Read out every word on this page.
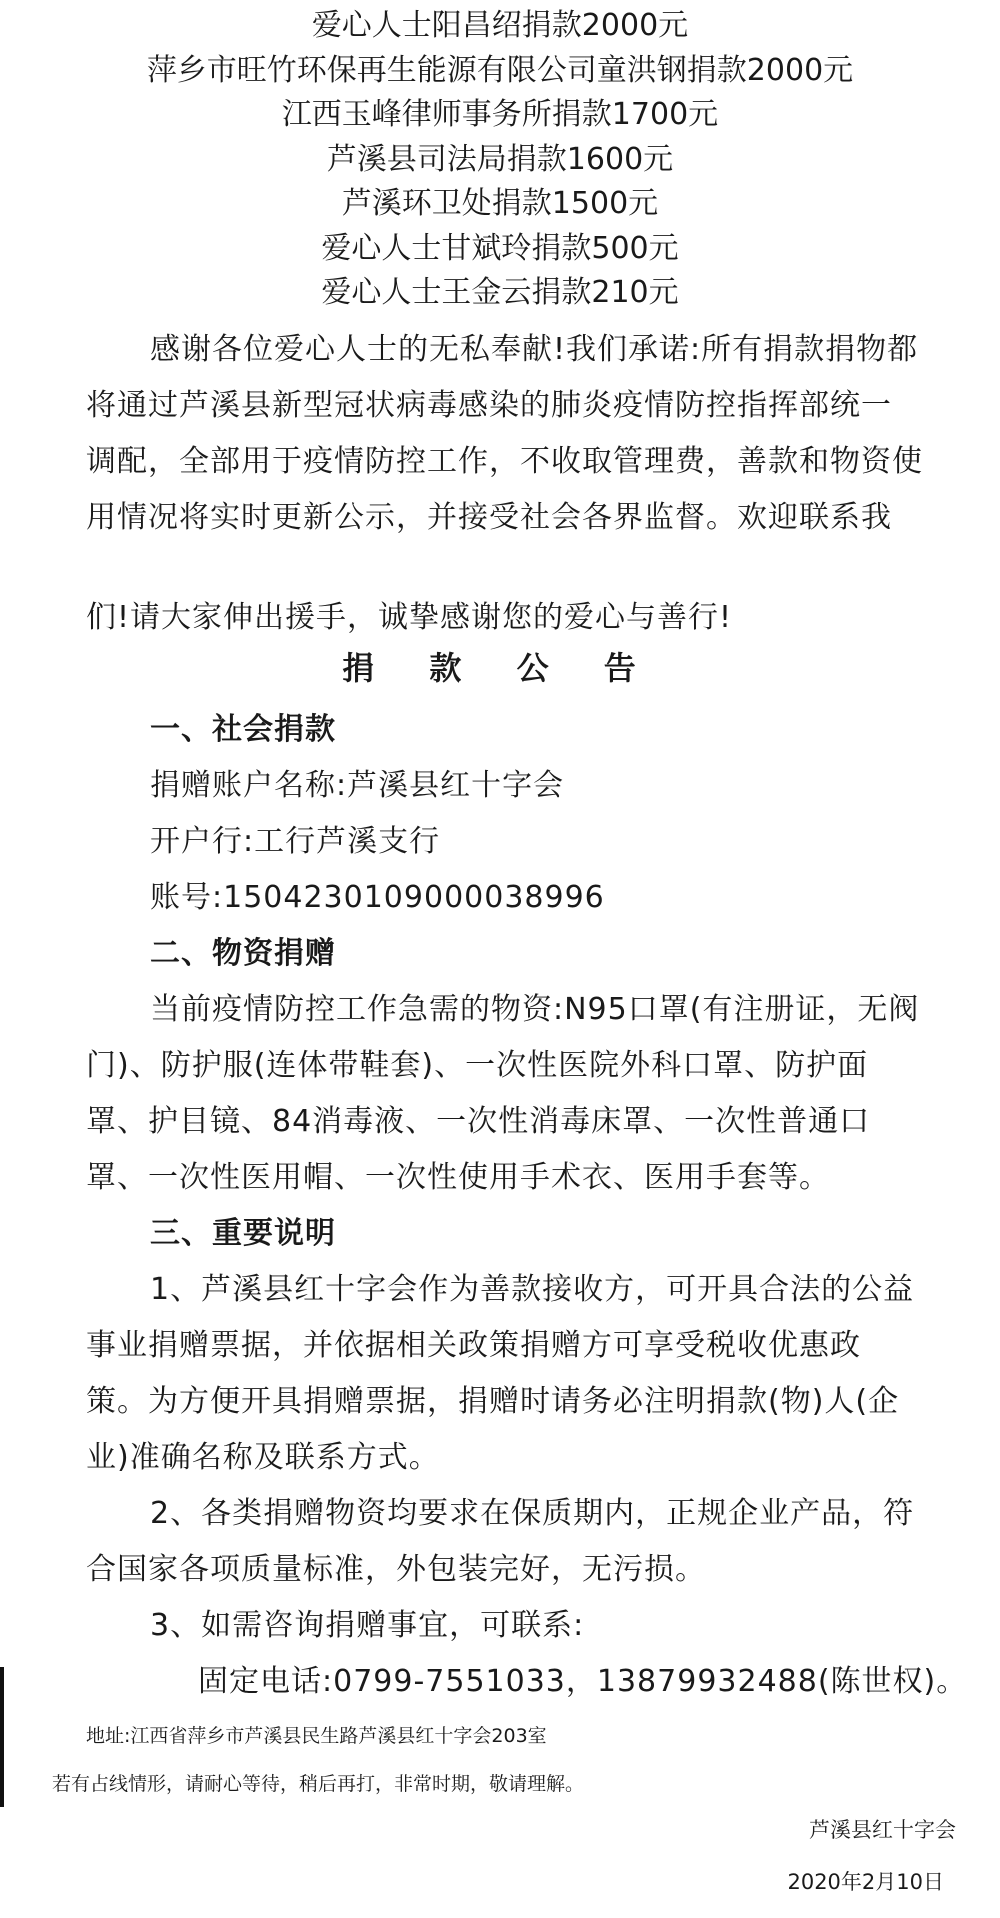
爱心人士阳昌绍捐款2000元
萍乡市旺竹环保再生能源有限公司童洪钢捐款2000元
江西玉峰律师事务所捐款1700元
芦溪县司法局捐款1600元
芦溪环卫处捐款1500元
爱心人士甘斌玲捐款500元
爱心人士王金云捐款210元
感谢各位爱心人士的无私奉献!我们承诺:所有捐款捐物都
将通过芦溪县新型冠状病毒感染的肺炎疫情防控指挥部统一
调配，全部用于疫情防控工作，不收取管理费，善款和物资使
用情况将实时更新公示，并接受社会各界监督。欢迎联系我
们!请大家伸出援手，诚挚感谢您的爱心与善行!
捐 款 公 告
一、社会捐款
捐赠账户名称:芦溪县红十字会
开户行:工行芦溪支行
账号:1504230109000038996
二、物资捐赠
当前疫情防控工作急需的物资:N95口罩(有注册证，无阀
门)、防护服(连体带鞋套)、一次性医院外科口罩、防护面
罩、护目镜、84消毒液、一次性消毒床罩、一次性普通口
罩、一次性医用帽、一次性使用手术衣、医用手套等。
三、重要说明
1、芦溪县红十字会作为善款接收方，可开具合法的公益
事业捐赠票据，并依据相关政策捐赠方可享受税收优惠政
策。为方便开具捐赠票据，捐赠时请务必注明捐款(物)人(企
业)准确名称及联系方式。
2、各类捐赠物资均要求在保质期内，正规企业产品，符
合国家各项质量标准，外包装完好，无污损。
3、如需咨询捐赠事宜，可联系:
固定电话:0799-7551033，13879932488(陈世权)。
地址:江西省萍乡市芦溪县民生路芦溪县红十字会203室
若有占线情形，请耐心等待，稍后再打，非常时期，敬请理解。
芦溪县红十字会
2020年2月10日
